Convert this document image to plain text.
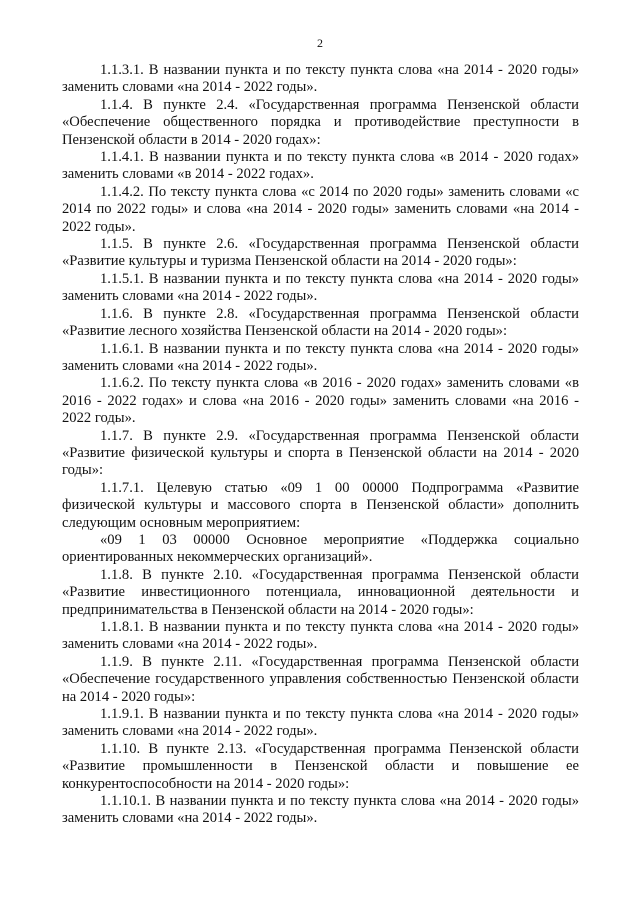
2

1.1.3.1. В названии пункта и по тексту пункта слова «на 2014 - 2020 годы» заменить словами «на 2014 - 2022 годы».

1.1.4. В пункте 2.4. «Государственная программа Пензенской области «Обеспечение общественного порядка и противодействие преступности в Пензенской области в 2014 - 2020 годах»:

1.1.4.1. В названии пункта и по тексту пункта слова «в 2014 - 2020 годах» заменить словами «в 2014 - 2022 годах».

1.1.4.2. По тексту пункта слова «с 2014 по 2020 годы» заменить словами «с 2014 по 2022 годы» и слова «на 2014 - 2020 годы» заменить словами «на 2014 - 2022 годы».

1.1.5. В пункте 2.6. «Государственная программа Пензенской области «Развитие культуры и туризма Пензенской области на 2014 - 2020 годы»:

1.1.5.1. В названии пункта и по тексту пункта слова «на 2014 - 2020 годы» заменить словами «на 2014 - 2022 годы».

1.1.6. В пункте 2.8. «Государственная программа Пензенской области «Развитие лесного хозяйства Пензенской области на 2014 - 2020 годы»:

1.1.6.1. В названии пункта и по тексту пункта слова «на 2014 - 2020 годы» заменить словами «на 2014 - 2022 годы».

1.1.6.2. По тексту пункта слова «в 2016 - 2020 годах» заменить словами «в 2016 - 2022 годах» и слова «на 2016 - 2020 годы» заменить словами «на 2016 - 2022 годы».

1.1.7. В пункте 2.9. «Государственная программа Пензенской области «Развитие физической культуры и спорта в Пензенской области на 2014 - 2020 годы»:

1.1.7.1. Целевую статью «09 1 00 00000 Подпрограмма «Развитие физической культуры и массового спорта в Пензенской области» дополнить следующим основным мероприятием:

«09 1 03 00000 Основное мероприятие «Поддержка социально ориентированных некоммерческих организаций».

1.1.8. В пункте 2.10. «Государственная программа Пензенской области «Развитие инвестиционного потенциала, инновационной деятельности и предпринимательства в Пензенской области на 2014 - 2020 годы»:

1.1.8.1. В названии пункта и по тексту пункта слова «на 2014 - 2020 годы» заменить словами «на 2014 - 2022 годы».

1.1.9. В пункте 2.11. «Государственная программа Пензенской области «Обеспечение государственного управления собственностью Пензенской области на 2014 - 2020 годы»:

1.1.9.1. В названии пункта и по тексту пункта слова «на 2014 - 2020 годы» заменить словами «на 2014 - 2022 годы».

1.1.10. В пункте 2.13. «Государственная программа Пензенской области «Развитие промышленности в Пензенской области и повышение ее конкурентоспособности на 2014 - 2020 годы»:

1.1.10.1. В названии пункта и по тексту пункта слова «на 2014 - 2020 годы» заменить словами «на 2014 - 2022 годы».
